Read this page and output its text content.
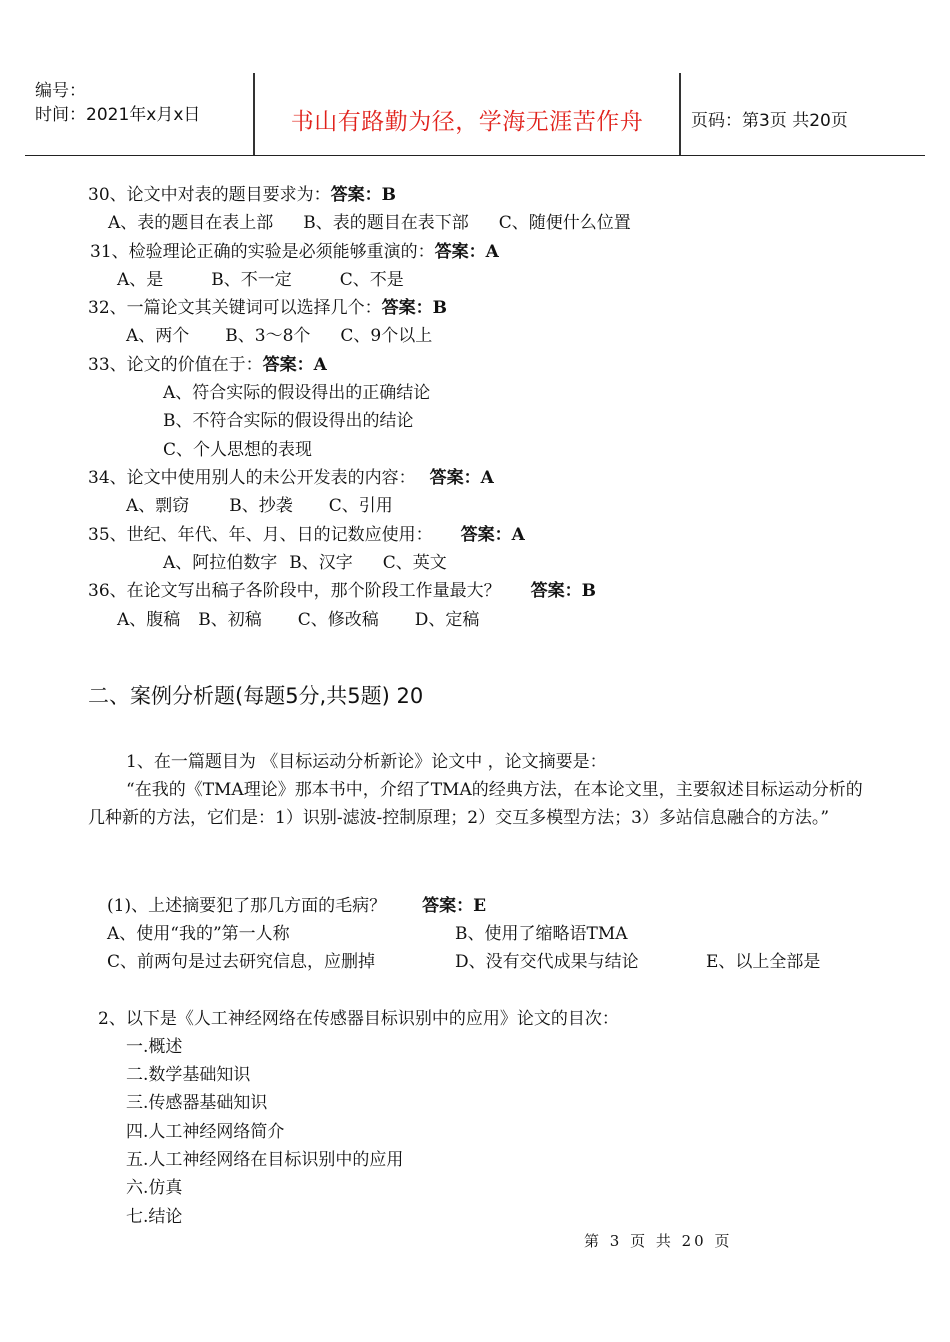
编号：
时间：2021年x月x日	书山有路勤为径，学海无涯苦作舟	页码：第3页 共20页
30、论文中对表的题目要求为：答案：B
A、表的题目在表上部 B、表的题目在表下部 C、随便什么位置
31、检验理论正确的实验是必须能够重演的：答案：A
A、是	B、不一定	C、不是
32、一篇论文其关键词可以选择几个：答案：B
A、两个 B、3～8个 C、9个以上
33、论文的价值在于：答案：A
A、符合实际的假设得出的正确结论
B、不符合实际的假设得出的结论
C、个人思想的表现
34、论文中使用别人的未公开发表的内容： 答案：A
A、剽窃 B、抄袭 C、引用
35、世纪、年代、年、月、日的记数应使用： 答案：A
A、阿拉伯数字 B、汉字 C、英文
36、在论文写出稿子各阶段中，那个阶段工作量最大？ 答案：B
A、腹稿 B、初稿 C、修改稿 D、定稿
二、案例分析题(每题5分,共5题) 20
1、在一篇题目为 《目标运动分析新论》论文中 ，论文摘要是：
“在我的《TMA理论》那本书中，介绍了TMA的经典方法，在本论文里，主要叙述目标运动分析的几种新的方法，它们是：1）识别-滤波-控制原理；2）交互多模型方法；3）多站信息融合的方法。”
(1)、上述摘要犯了那几方面的毛病？ 答案：E
A、使用“我的”第一人称	B、使用了缩略语TMA
C、前两句是过去研究信息，应删掉	D、没有交代成果与结论	E、以上全部是
2、以下是《人工神经网络在传感器目标识别中的应用》论文的目次：
一.概述
二.数学基础知识
三.传感器基础知识
四.人工神经网络简介
五.人工神经网络在目标识别中的应用
六.仿真
七.结论
第 3 页 共 20 页
